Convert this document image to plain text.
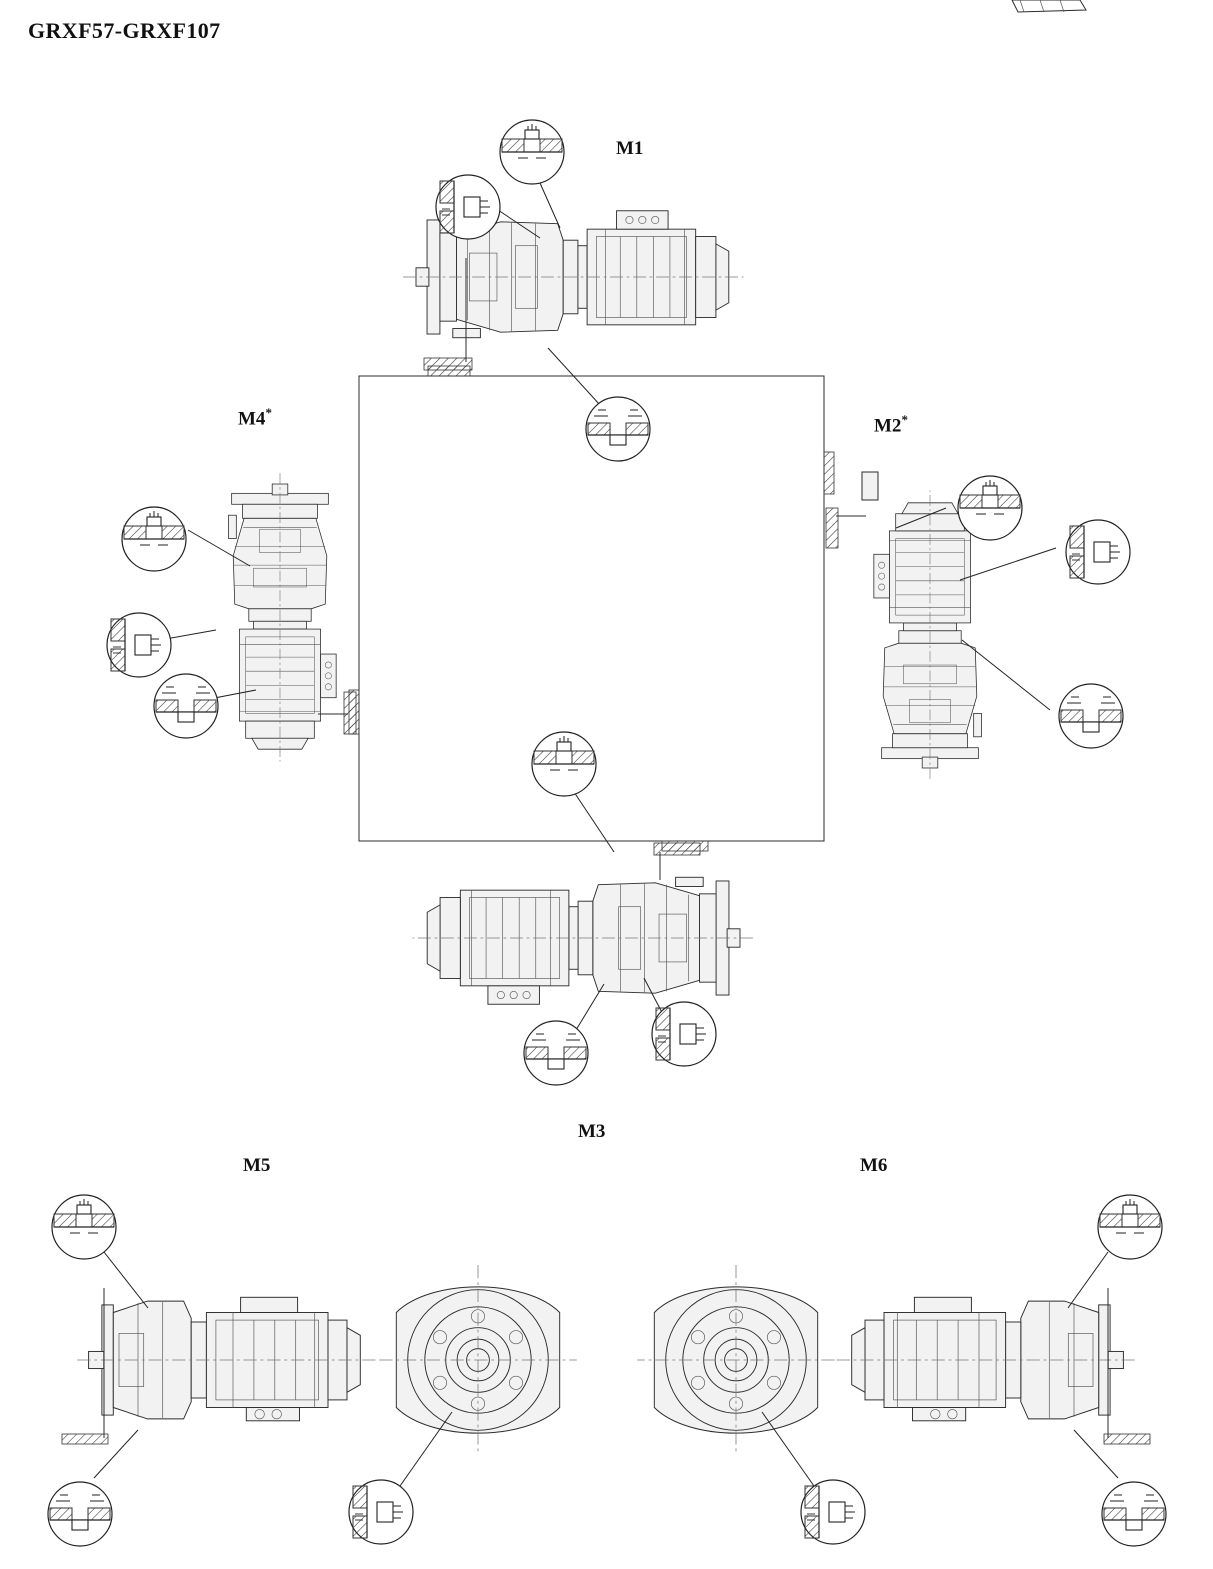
GRXF57-GRXF107
M1
M2*
M3
M4*
M5	M6
